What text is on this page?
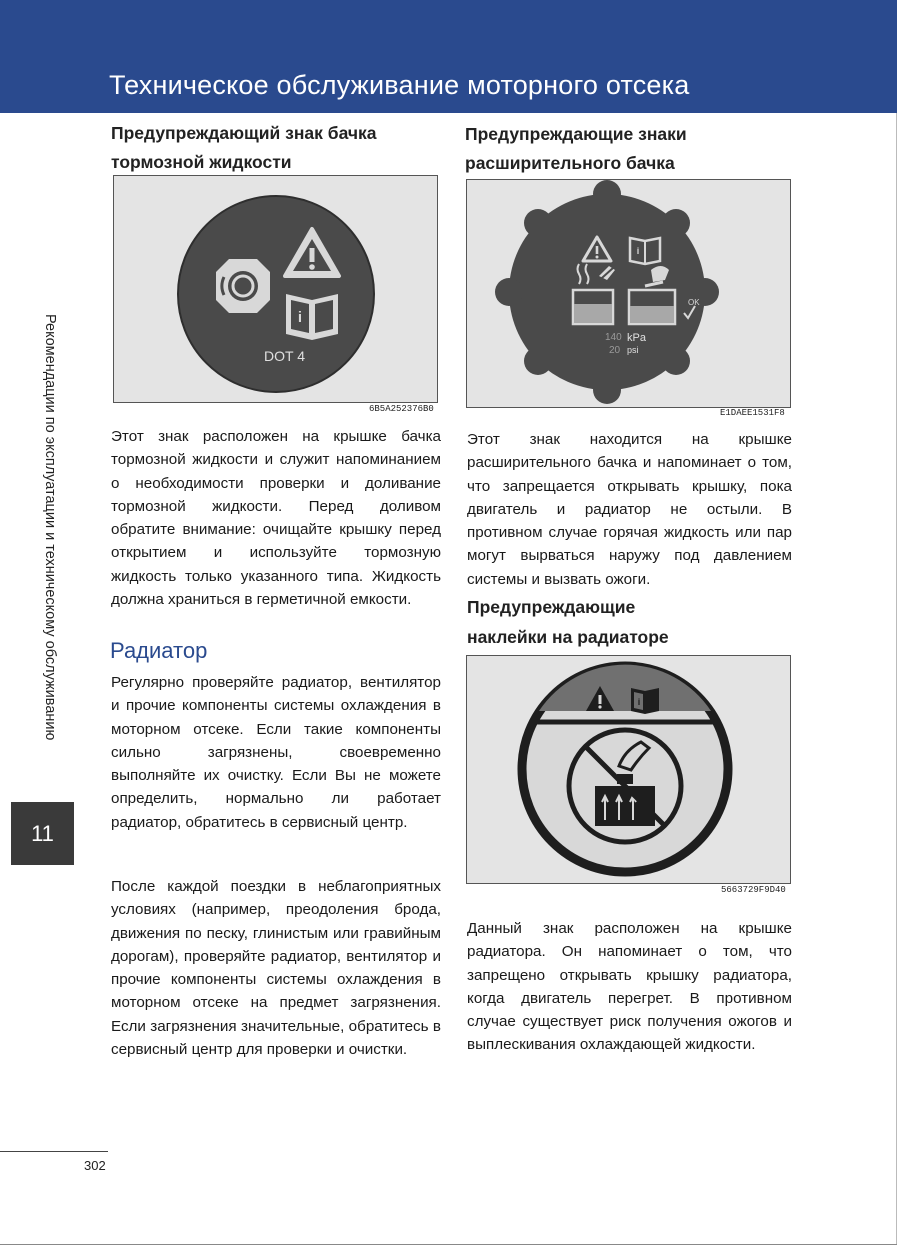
Техническое обслуживание моторного отсека
Рекомендации по эксплуатации и техническому обслуживанию
11
Предупреждающий знак бачка
тормозной жидкости
i
DOT 4
6B5A252376B0

Этот знак расположен на крышке бачка тормозной жидкости и служит напоминанием о необходимости проверки и доливание тормозной жидкости. Перед доливом обратите внимание: очищайте крышку перед открытием и используйте тормозную жидкость только указанного типа. Жидкость должна храниться в герметичной емкости.

Радиатор

Регулярно проверяйте радиатор, вентилятор и прочие компоненты системы охлаждения в моторном отсеке. Если такие компоненты сильно загрязнены, своевременно выполняйте их очистку. Если Вы не можете определить, нормально ли работает радиатор, обратитесь в сервисный центр.

После каждой поездки в неблагоприятных условиях (например, преодоления брода, движения по песку, глинистым или гравийным дорогам), проверяйте радиатор, вентилятор и прочие компоненты системы охлаждения в моторном отсеке на предмет загрязнения. Если загрязнения значительные, обратитесь в сервисный центр для проверки и очистки.

Предупреждающие знаки
расширительного бачка
i
OK
140 kPa
20 psi
E1DAEE1531F8

Этот знак находится на крышке расширительного бачка и напоминает о том, что запрещается открывать крышку, пока двигатель и радиатор не остыли. В противном случае горячая жидкость или пар могут вырваться наружу под давлением системы и вызвать ожоги.

Предупреждающие
наклейки на радиаторе
i
5663729F9D40

Данный знак расположен на крышке радиатора. Он напоминает о том, что запрещено открывать крышку радиатора, когда двигатель перегрет. В противном случае существует риск получения ожогов и выплескивания охлаждающей жидкости.

302
